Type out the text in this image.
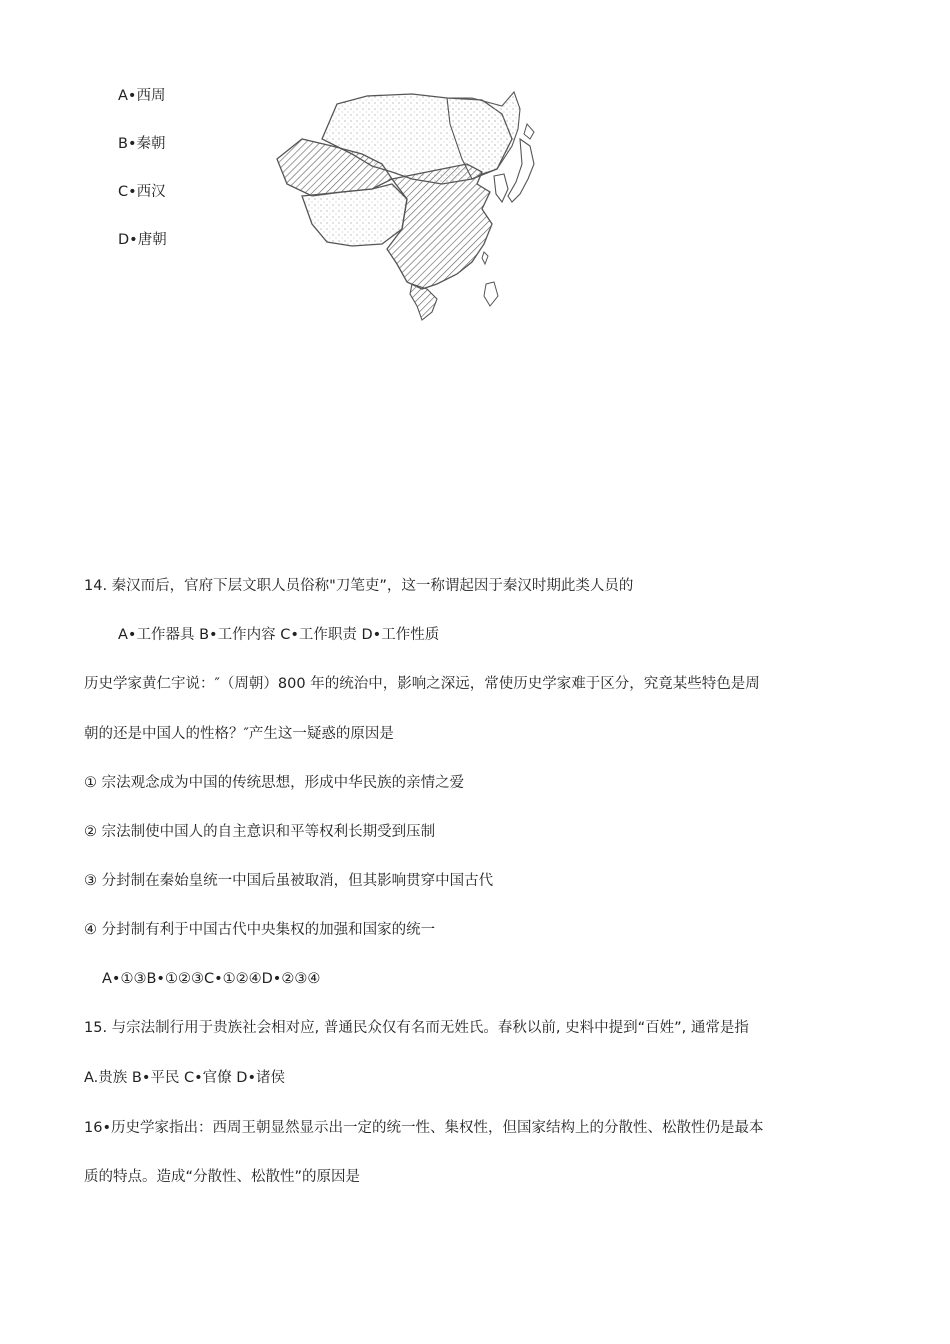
A•西周
B•秦朝
C•西汉
D•唐朝
14. 秦汉而后，官府下层文职人员俗称"刀笔吏”，这一称谓起因于秦汉时期此类人员的
A•工作器具 B•工作内容 C•工作职责 D•工作性质
历史学家黄仁宇说：″（周朝）800 年的统治中，影响之深远，常使历史学家难于区分，究竟某些特色是周
朝的还是中国人的性格？″产生这一疑惑的原因是
① 宗法观念成为中国的传统思想，形成中华民族的亲情之爱
② 宗法制使中国人的自主意识和平等权利长期受到压制
③ 分封制在秦始皇统一中国后虽被取消，但其影响贯穿中国古代
④ 分封制有利于中国古代中央集权的加强和国家的统一
A•①③B•①②③C•①②④D•②③④
15. 与宗法制行用于贵族社会相对应, 普通民众仅有名而无姓氏。春秋以前, 史料中提到“百姓”, 通常是指
A.贵族 B•平民 C•官僚 D•诸侯
16•历史学家指出：西周王朝显然显示出一定的统一性、集权性，但国家结构上的分散性、松散性仍是最本
质的特点。造成“分散性、松散性”的原因是
